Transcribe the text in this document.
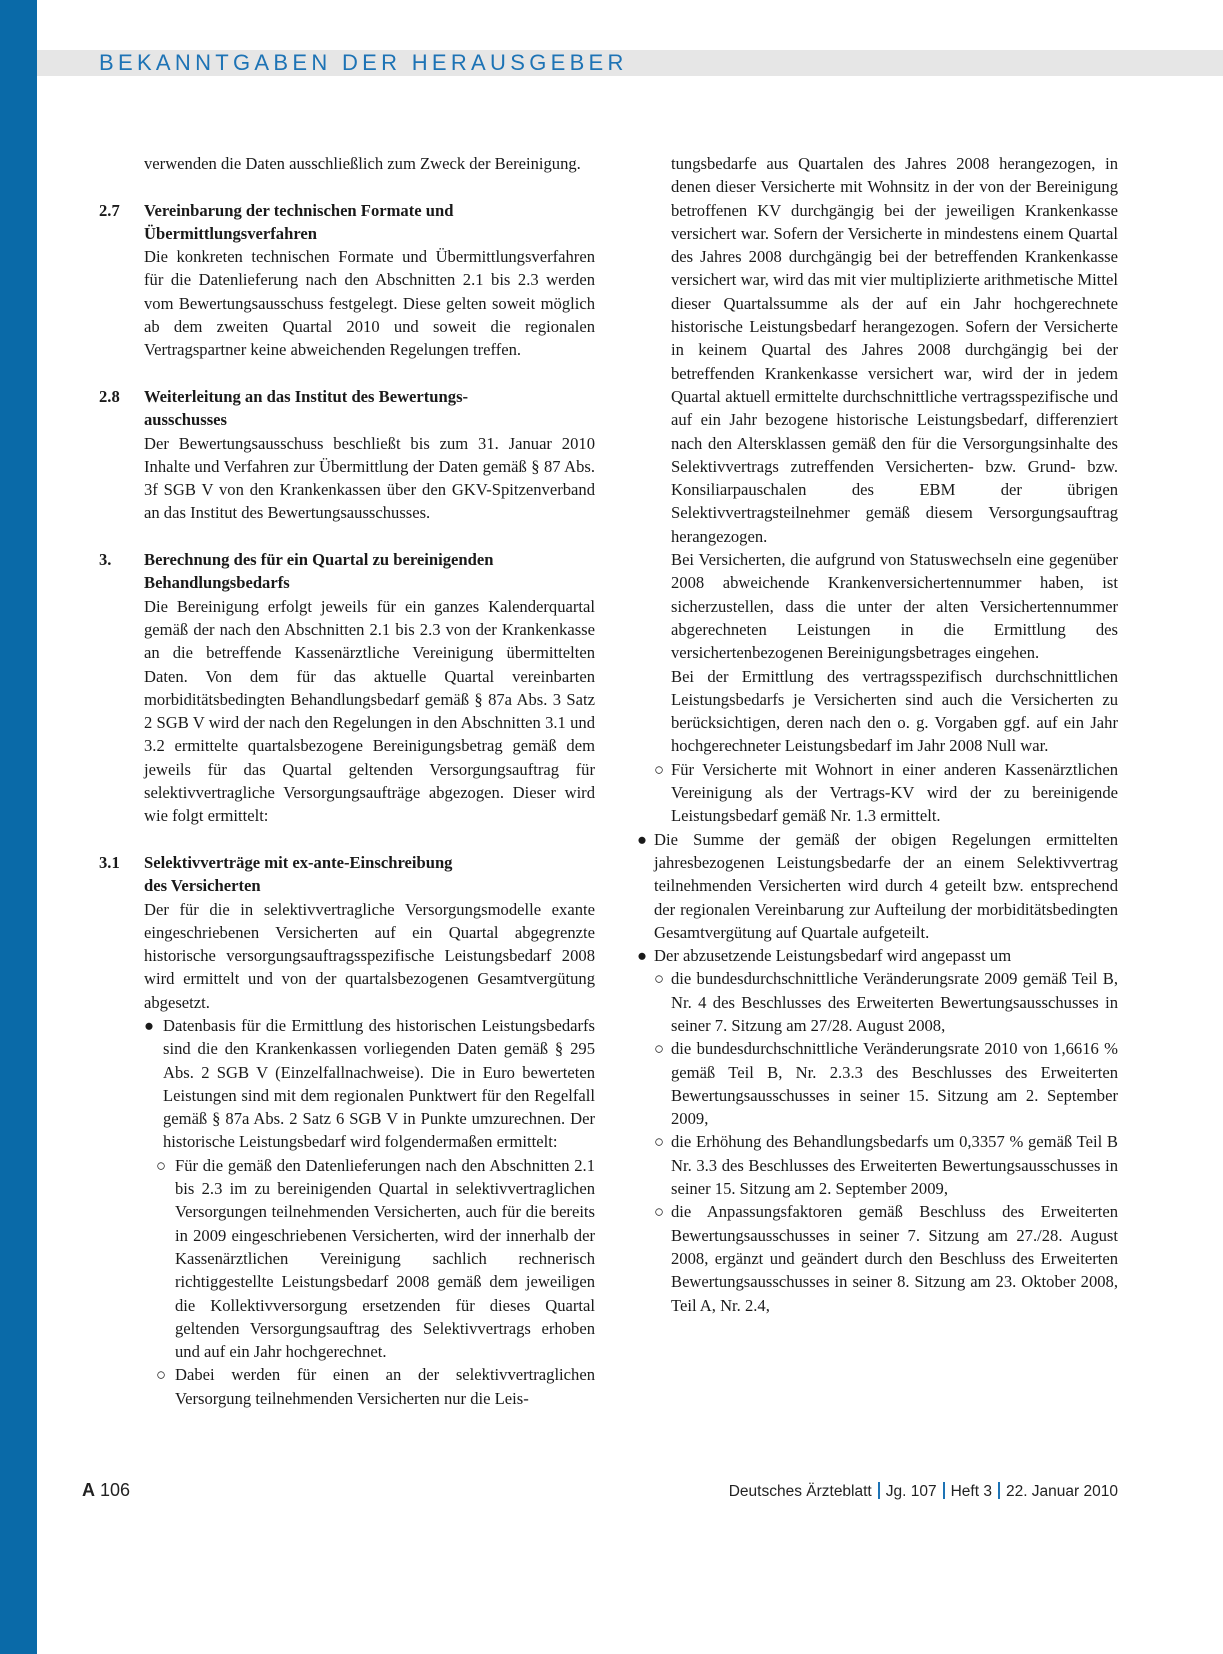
BEKANNTGABEN DER HERAUSGEBER

verwenden die Daten ausschließlich zum Zweck der Bereinigung.

2.7 Vereinbarung der technischen Formate und
Übermittlungsverfahren

Die konkreten technischen Formate und Übermittlungsverfahren für die Datenlieferung nach den Abschnitten 2.1 bis 2.3 werden vom Bewertungsausschuss festgelegt. Diese gelten soweit möglich ab dem zweiten Quartal 2010 und soweit die regionalen Vertragspartner keine abweichenden Regelungen treffen.

2.8 Weiterleitung an das Institut des Bewertungs-
ausschusses

Der Bewertungsausschuss beschließt bis zum 31. Januar 2010 Inhalte und Verfahren zur Übermittlung der Daten gemäß § 87 Abs. 3f SGB V von den Krankenkassen über den GKV-Spitzenverband an das Institut des Bewertungsausschusses.

3. Berechnung des für ein Quartal zu bereinigenden
Behandlungsbedarfs

Die Bereinigung erfolgt jeweils für ein ganzes Kalenderquartal gemäß der nach den Abschnitten 2.1 bis 2.3 von der Krankenkasse an die betreffende Kassenärztliche Vereinigung übermittelten Daten. Von dem für das aktuelle Quartal vereinbarten morbiditätsbedingten Behandlungsbedarf gemäß § 87a Abs. 3 Satz 2 SGB V wird der nach den Regelungen in den Abschnitten 3.1 und 3.2 ermittelte quartalsbezogene Bereinigungsbetrag gemäß dem jeweils für das Quartal geltenden Versorgungsauftrag für selektivvertragliche Versorgungsaufträge abgezogen. Dieser wird wie folgt ermittelt:

3.1 Selektivverträge mit ex-ante-Einschreibung
des Versicherten

Der für die in selektivvertragliche Versorgungsmodelle exante eingeschriebenen Versicherten auf ein Quartal abgegrenzte historische versorgungsauftragsspezifische Leistungsbedarf 2008 wird ermittelt und von der quartalsbezogenen Gesamtvergütung abgesetzt.

● Datenbasis für die Ermittlung des historischen Leistungsbedarfs sind die den Krankenkassen vorliegenden Daten gemäß § 295 Abs. 2 SGB V (Einzelfallnachweise). Die in Euro bewerteten Leistungen sind mit dem regionalen Punktwert für den Regelfall gemäß § 87a Abs. 2 Satz 6 SGB V in Punkte umzurechnen. Der historische Leistungsbedarf wird folgendermaßen ermittelt:

○ Für die gemäß den Datenlieferungen nach den Abschnitten 2.1 bis 2.3 im zu bereinigenden Quartal in selektivvertraglichen Versorgungen teilnehmenden Versicherten, auch für die bereits in 2009 eingeschriebenen Versicherten, wird der innerhalb der Kassenärztlichen Vereinigung sachlich rechnerisch richtiggestellte Leistungsbedarf 2008 gemäß dem jeweiligen die Kollektivversorgung ersetzenden für dieses Quartal geltenden Versorgungsauftrag des Selektivvertrags erhoben und auf ein Jahr hochgerechnet.

○ Dabei werden für einen an der selektivvertraglichen Versorgung teilnehmenden Versicherten nur die Leis-

tungsbedarfe aus Quartalen des Jahres 2008 herangezogen, in denen dieser Versicherte mit Wohnsitz in der von der Bereinigung betroffenen KV durchgängig bei der jeweiligen Krankenkasse versichert war. Sofern der Versicherte in mindestens einem Quartal des Jahres 2008 durchgängig bei der betreffenden Krankenkasse versichert war, wird das mit vier multiplizierte arithmetische Mittel dieser Quartalssumme als der auf ein Jahr hochgerechnete historische Leistungsbedarf herangezogen. Sofern der Versicherte in keinem Quartal des Jahres 2008 durchgängig bei der betreffenden Krankenkasse versichert war, wird der in jedem Quartal aktuell ermittelte durchschnittliche vertragsspezifische und auf ein Jahr bezogene historische Leistungsbedarf, differenziert nach den Altersklassen gemäß den für die Versorgungsinhalte des Selektivvertrags zutreffenden Versicherten- bzw. Grund- bzw. Konsiliarpauschalen des EBM der übrigen Selektivvertragsteilnehmer gemäß diesem Versorgungsauftrag herangezogen.

Bei Versicherten, die aufgrund von Statuswechseln eine gegenüber 2008 abweichende Krankenversichertennummer haben, ist sicherzustellen, dass die unter der alten Versichertennummer abgerechneten Leistungen in die Ermittlung des versichertenbezogenen Bereinigungsbetrages eingehen.

Bei der Ermittlung des vertragsspezifisch durchschnittlichen Leistungsbedarfs je Versicherten sind auch die Versicherten zu berücksichtigen, deren nach den o. g. Vorgaben ggf. auf ein Jahr hochgerechneter Leistungsbedarf im Jahr 2008 Null war.

○ Für Versicherte mit Wohnort in einer anderen Kassenärztlichen Vereinigung als der Vertrags-KV wird der zu bereinigende Leistungsbedarf gemäß Nr. 1.3 ermittelt.

● Die Summe der gemäß der obigen Regelungen ermittelten jahresbezogenen Leistungsbedarfe der an einem Selektivvertrag teilnehmenden Versicherten wird durch 4 geteilt bzw. entsprechend der regionalen Vereinbarung zur Aufteilung der morbiditätsbedingten Gesamtvergütung auf Quartale aufgeteilt.

● Der abzusetzende Leistungsbedarf wird angepasst um

○ die bundesdurchschnittliche Veränderungsrate 2009 gemäß Teil B, Nr. 4 des Beschlusses des Erweiterten Bewertungsausschusses in seiner 7. Sitzung am 27/28. August 2008,

○ die bundesdurchschnittliche Veränderungsrate 2010 von 1,6616 % gemäß Teil B, Nr. 2.3.3 des Beschlusses des Erweiterten Bewertungsausschusses in seiner 15. Sitzung am 2. September 2009,

○ die Erhöhung des Behandlungsbedarfs um 0,3357 % gemäß Teil B Nr. 3.3 des Beschlusses des Erweiterten Bewertungsausschusses in seiner 15. Sitzung am 2. September 2009,

○ die Anpassungsfaktoren gemäß Beschluss des Erweiterten Bewertungsausschusses in seiner 7. Sitzung am 27./28. August 2008, ergänzt und geändert durch den Beschluss des Erweiterten Bewertungsausschusses in seiner 8. Sitzung am 23. Oktober 2008, Teil A, Nr. 2.4,

A 106	Deutsches Ärzteblatt Jg. 107 Heft 3 22. Januar 2010
